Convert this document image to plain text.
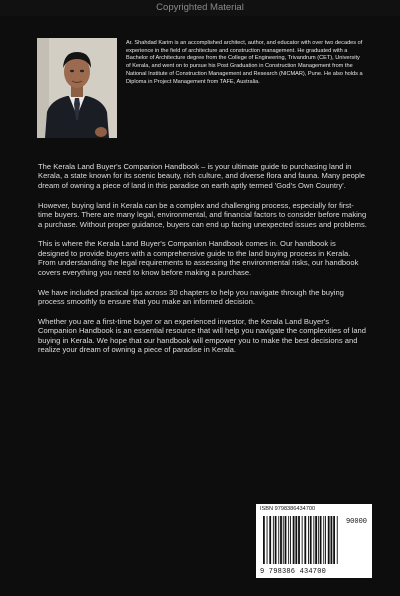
Copyrighted Material
Ar. Shahdad Karim is an accomplished architect, author, and educator with over two decades of experience in the field of architecture and construction management. He graduated with a Bachelor of Architecture degree from the College of Engineering, Trivandrum (CET), University of Kerala, and went on to pursue his Post Graduation in Construction Management from the National Institute of Construction Management and Research (NICMAR), Pune. He also holds a Diploma in Project Management from TAFE, Australia.

The Kerala Land Buyer's Companion Handbook – is your ultimate guide to purchasing land in Kerala, a state known for its scenic beauty, rich culture, and diverse flora and fauna. Many people dream of owning a piece of land in this paradise on earth aptly termed 'God's Own Country'.

However, buying land in Kerala can be a complex and challenging process, especially for first-time buyers. There are many legal, environmental, and financial factors to consider before making a purchase. Without proper guidance, buyers can end up facing unexpected issues and problems.

This is where the Kerala Land Buyer's Companion Handbook comes in. Our handbook is designed to provide buyers with a comprehensive guide to the land buying process in Kerala. From understanding the legal requirements to assessing the environmental risks, our handbook covers everything you need to know before making a purchase.

We have included practical tips across 30 chapters to help you navigate through the buying process smoothly to ensure that you make an informed decision.

Whether you are a first-time buyer or an experienced investor, the Kerala Land Buyer's Companion Handbook is an essential resource that will help you navigate the complexities of land buying in Kerala. We hope that our handbook will empower you to make the best decisions and realize your dream of owning a piece of paradise in Kerala.

ISBN 9798386434700
90000
9 798386 434700
